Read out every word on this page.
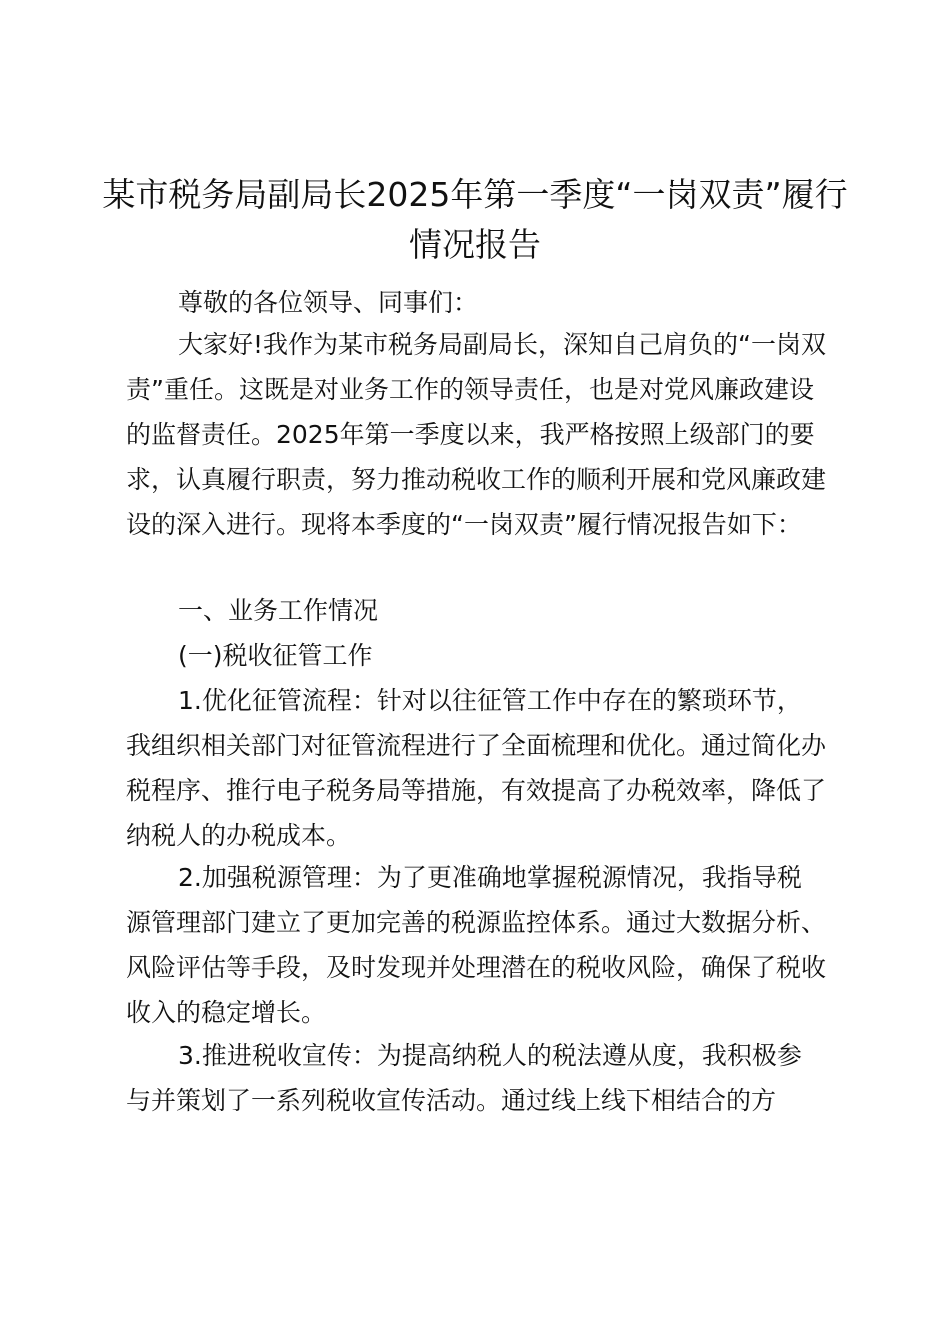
某市税务局副局长2025年第一季度“一岗双责”履行情况报告

尊敬的各位领导、同事们：

大家好!我作为某市税务局副局长，深知自己肩负的“一岗双责”重任。这既是对业务工作的领导责任，也是对党风廉政建设的监督责任。2025年第一季度以来，我严格按照上级部门的要求，认真履行职责，努力推动税收工作的顺利开展和党风廉政建设的深入进行。现将本季度的“一岗双责”履行情况报告如下：

一、业务工作情况

(一)税收征管工作

1.优化征管流程：针对以往征管工作中存在的繁琐环节，我组织相关部门对征管流程进行了全面梳理和优化。通过简化办税程序、推行电子税务局等措施，有效提高了办税效率，降低了纳税人的办税成本。

2.加强税源管理：为了更准确地掌握税源情况，我指导税源管理部门建立了更加完善的税源监控体系。通过大数据分析、风险评估等手段，及时发现并处理潜在的税收风险，确保了税收收入的稳定增长。

3.推进税收宣传：为提高纳税人的税法遵从度，我积极参与并策划了一系列税收宣传活动。通过线上线下相结合的方
